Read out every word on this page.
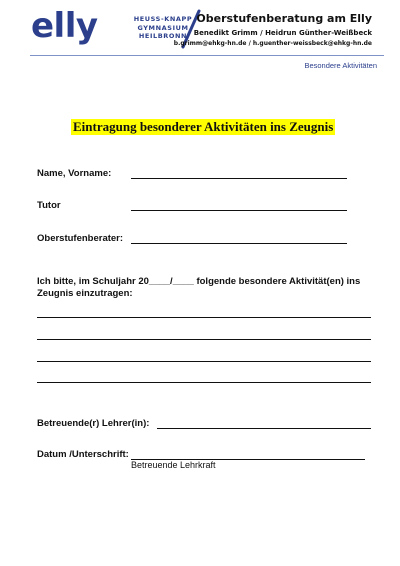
elly	HEUSS-KNAPP
GYMNASIUM
HEILBRONN
Oberstufenberatung am Elly
Benedikt Grimm / Heidrun Günther-Weißbeck
b.grimm@ehkg-hn.de / h.guenther-weissbeck@ehkg-hn.de
Besondere Aktivitäten
Eintragung besonderer Aktivitäten ins Zeugnis
Name, Vorname:
Tutor
Oberstufenberater:
Ich bitte, im Schuljahr 20____/____ folgende besondere Aktivität(en) ins Zeugnis einzutragen:
Betreuende(r) Lehrer(in):
Datum /Unterschrift:
Betreuende Lehrkraft
